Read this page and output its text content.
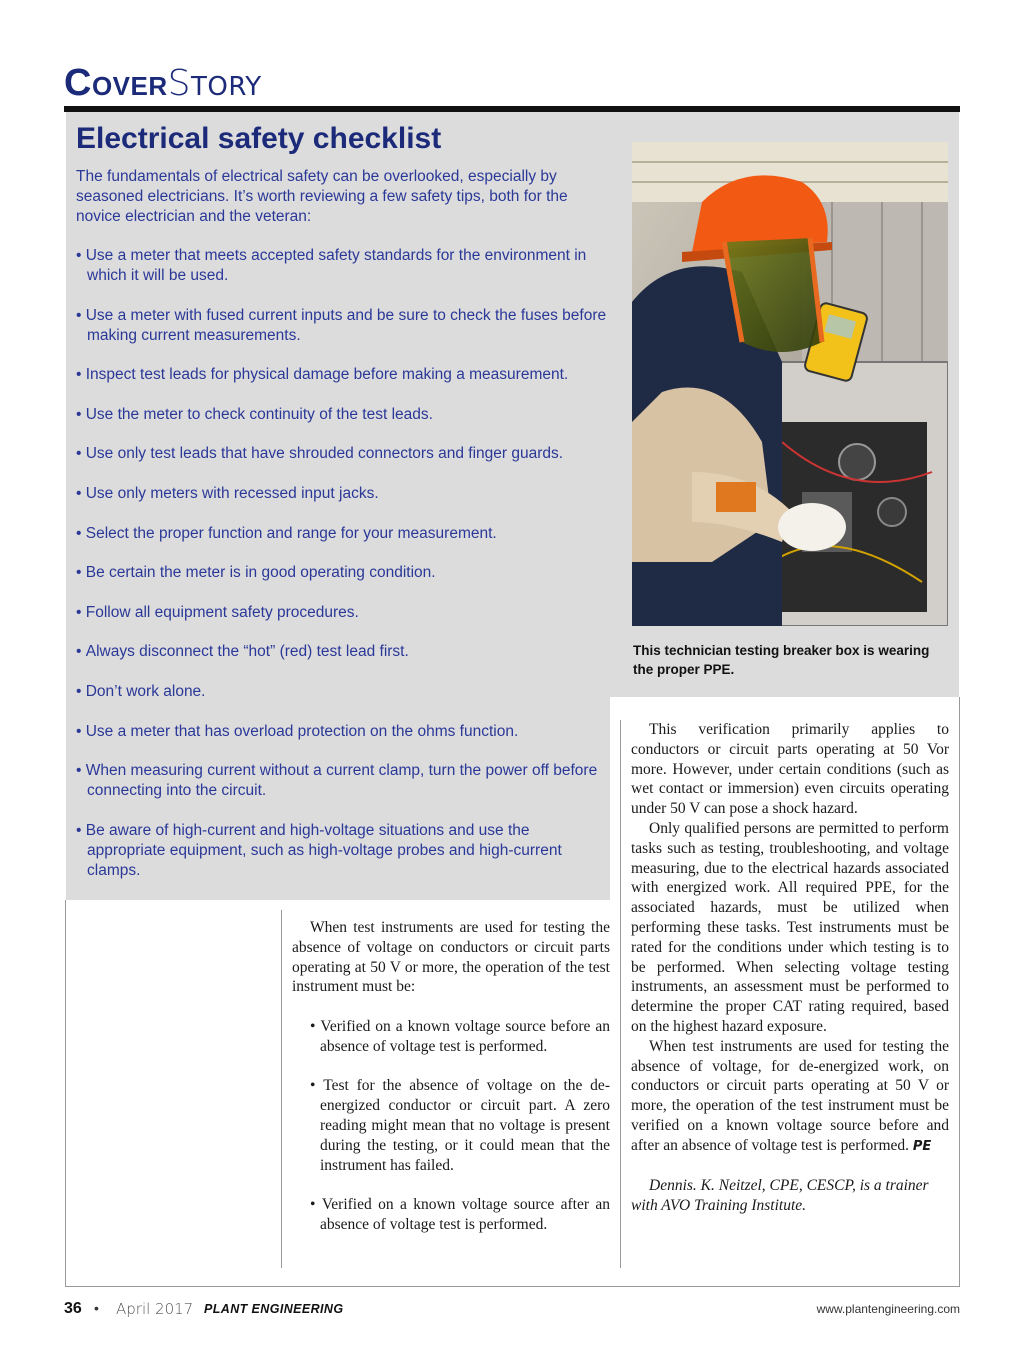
COVERSTORY
Electrical safety checklist

The fundamentals of electrical safety can be overlooked, especially by seasoned electricians. It’s worth reviewing a few safety tips, both for the novice electrician and the veteran:

• Use a meter that meets accepted safety standards for the environment in which it will be used.
• Use a meter with fused current inputs and be sure to check the fuses before making current measurements.
• Inspect test leads for physical damage before making a measurement.
• Use the meter to check continuity of the test leads.
• Use only test leads that have shrouded connectors and finger guards.
• Use only meters with recessed input jacks.
• Select the proper function and range for your measurement.
• Be certain the meter is in good operating condition.
• Follow all equipment safety procedures.
• Always disconnect the “hot” (red) test lead first.
• Don’t work alone.
• Use a meter that has overload protection on the ohms function.
• When measuring current without a current clamp, turn the power off before connecting into the circuit.
• Be aware of high-current and high-voltage situations and use the appropriate equipment, such as high-voltage probes and high-current clamps.

This technician testing breaker box is wearing the proper PPE.

When test instruments are used for testing the absence of voltage on conductors or circuit parts operating at 50 V or more, the operation of the test instrument must be:

• Verified on a known voltage source before an absence of voltage test is performed.
• Test for the absence of voltage on the de-energized conductor or circuit part. A zero reading might mean that no voltage is present during the testing, or it could mean that the instrument has failed.
• Verified on a known voltage source after an absence of voltage test is performed.

This verification primarily applies to conductors or circuit parts operating at 50 Vor more. However, under certain conditions (such as wet contact or immersion) even circuits operating under 50 V can pose a shock hazard.

Only qualified persons are permitted to perform tasks such as testing, troubleshooting, and voltage measuring, due to the electrical hazards associated with energized work. All required PPE, for the associated hazards, must be utilized when performing these tasks. Test instruments must be rated for the conditions under which testing is to be performed. When selecting voltage testing instruments, an assessment must be performed to determine the proper CAT rating required, based on the highest hazard exposure.

When test instruments are used for testing the absence of voltage, for de-energized work, on conductors or circuit parts operating at 50 V or more, the operation of the test instrument must be verified on a known voltage source before and after an absence of voltage test is performed. PE

Dennis. K. Neitzel, CPE, CESCP, is a trainer with AVO Training Institute.

36 • April 2017 PLANT ENGINEERING	www.plantengineering.com
